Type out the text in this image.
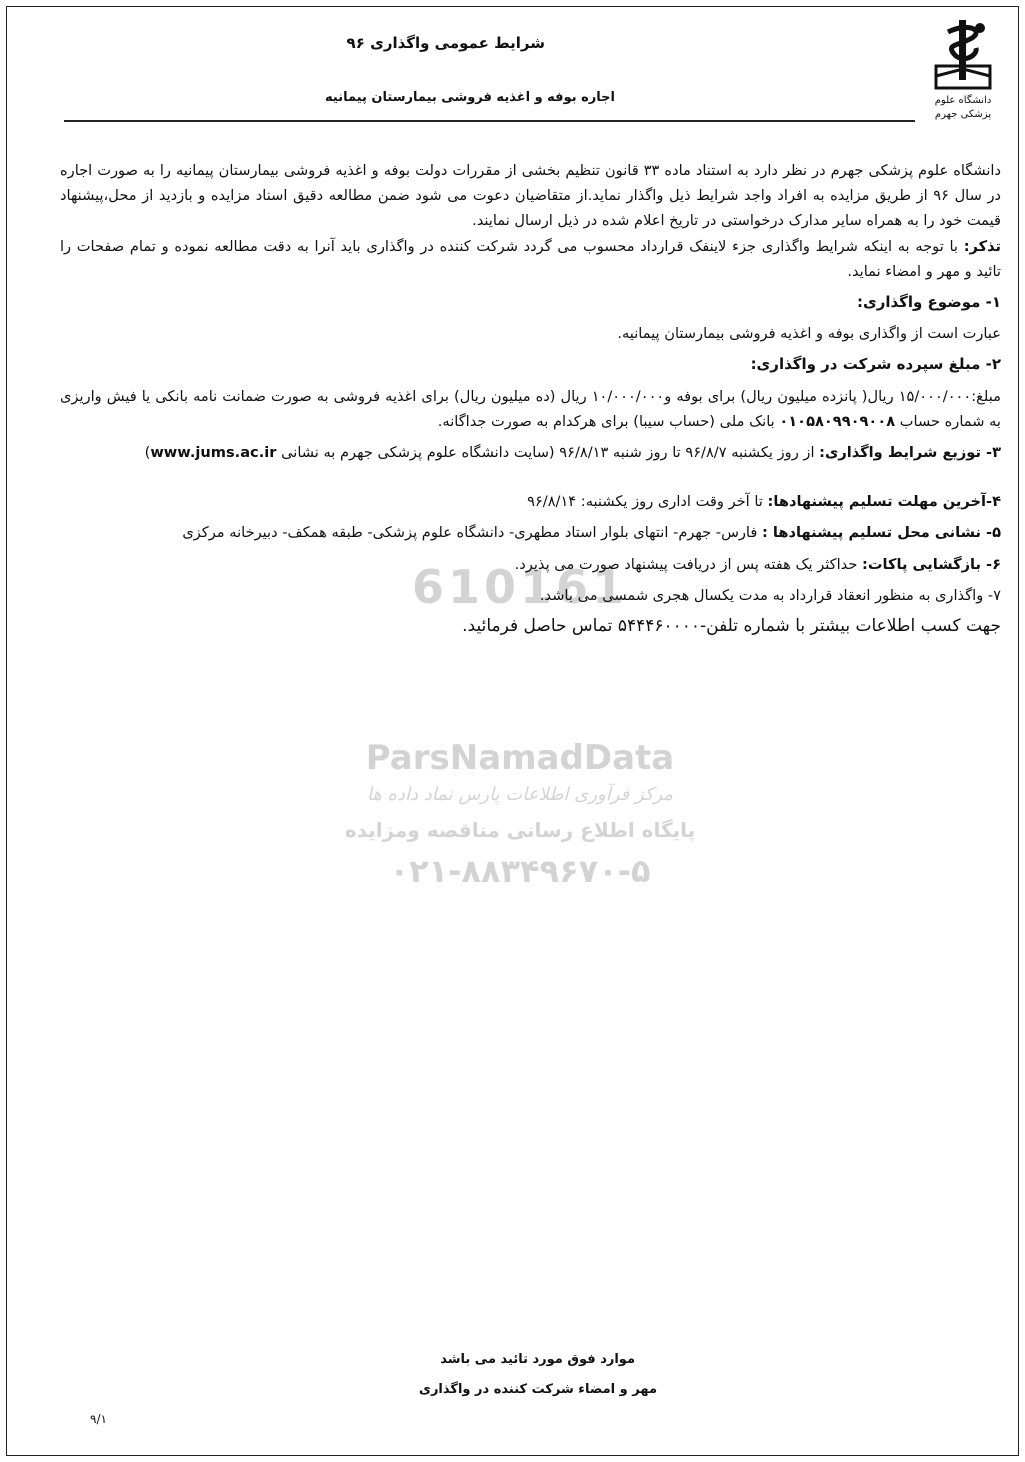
دانشگاه علوم
پزشکی جهرم
شرایط عمومی واگذاری ۹۶
اجاره بوفه و اغذیه فروشی بیمارستان پیمانیه
610161
ParsNamadData
مرکز فرآوری اطلاعات پارس نماد داده ها
پایگاه اطلاع رسانی مناقصه ومزایده
۰۲۱-۸۸۳۴۹۶۷۰-۵

دانشگاه علوم پزشکی جهرم در نظر دارد به استناد ماده ۳۳ قانون تنظیم بخشی از مقررات دولت بوفه و اغذیه فروشی بیمارستان پیمانیه را به صورت اجاره در سال ۹۶ از طریق مزایده به افراد واجد شرایط ذیل واگذار نماید.از متقاضیان دعوت می شود ضمن مطالعه دقیق اسناد مزایده و بازدید از محل،پیشنهاد قیمت خود را به همراه سایر مدارک درخواستی در تاریخ اعلام شده در ذیل ارسال نمایند.

تذکر: با توجه به اینکه شرایط واگذاری جزء لاینفک قرارداد محسوب می گردد شرکت کننده در واگذاری باید آنرا به دقت مطالعه نموده و تمام صفحات را تائید و مهر و امضاء نماید.

۱- موضوع واگذاری:

عبارت است از واگذاری بوفه و اغذیه فروشی بیمارستان پیمانیه.

۲- مبلغ سپرده شرکت در واگذاری:

مبلغ:۱۵/۰۰۰/۰۰۰ ریال( پانزده میلیون ریال) برای بوفه و۱۰/۰۰۰/۰۰۰ ریال (ده میلیون ریال) برای اغذیه فروشی به صورت ضمانت نامه بانکی یا فیش واریزی به شماره حساب ۰۱۰۵۸۰۹۹۰۹۰۰۸ بانک ملی (حساب سیبا) برای هرکدام به صورت جداگانه.

۳- توزیع شرایط واگذاری: از روز یکشنبه ۹۶/۸/۷ تا روز شنبه ۹۶/۸/۱۳ (سایت دانشگاه علوم پزشکی جهرم به نشانی www.jums.ac.ir)

۴-آخرین مهلت تسلیم پیشنهادها: تا آخر وقت اداری روز یکشنبه: ۹۶/۸/۱۴

۵- نشانی محل تسلیم پیشنهادها : فارس- جهرم- انتهای بلوار استاد مطهری- دانشگاه علوم پزشکی- طبقه همکف- دبیرخانه مرکزی

۶- بازگشایی پاکات: حداکثر یک هفته پس از دریافت پیشنهاد صورت می پذیرد.

۷- واگذاری به منظور انعقاد قرارداد به مدت یکسال هجری شمسی می باشد.

جهت کسب اطلاعات بیشتر با شماره تلفن-۵۴۴۴۶۰۰۰۰ تماس حاصل فرمائید.

موارد فوق مورد تائید می باشد
مهر و امضاء شرکت کننده در واگذاری
۹/۱
